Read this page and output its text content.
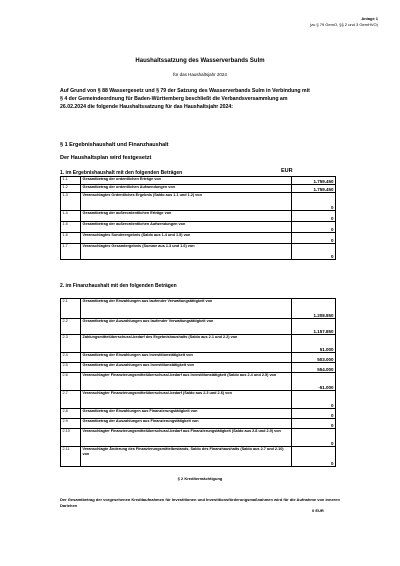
Anlage 1
(zu § 79 GemO, §§ 2 und 3 GemHVO)
Haushaltssatzung des Wasserverbands Sulm
für das Haushaltsjahr 2024
Auf Grund von § 88 Wassergesetz und § 79 der Satzung des Wasserverbands Sulm in Verbindung mit § 4 der Gemeindeordnung für Baden-Württemberg beschließt die Verbandsversammlung am 26.02.2024 die folgende Haushaltssatzung für das Haushaltsjahr 2024:
§ 1 Ergebnishaushalt und Finanzhaushalt
Der Haushaltsplan wird festgesetzt
1. im Ergebnishaushalt mit den folgenden Beträgen	EUR
1.1	Gesamtbetrag der ordentlichen Erträge von	1.759.450
1.2	Gesamtbetrag der ordentlichen Aufwendungen von	1.759.450
1.3	Veranschlagtes Ordentliches Ergebnis (Saldo aus 1.1 und 1.2) von	0
1.4	Gesamtbetrag der außerordentlichen Erträge von	0
1.5	Gesamtbetrag der außerordentlichen Aufwendungen von	0
1.6	Veranschlagtes Sonderergebnis (Saldo aus 1.4 und 1.5) von	0
1.7	Veranschlagtes Gesamtergebnis (Summe aus 1.3 und 1.6) von	0
2. im Finanzhaushalt mit den folgenden Beträgen
2.1	Gesamtbetrag der Einzahlungen aus laufender Verwaltungstätigkeit von	1.208.850
2.2	Gesamtbetrag der Auszahlungen aus laufender Verwaltungstätigkeit von	1.157.850
2.3	Zahlungsmittelüberschuss/-bedarf des Ergebnishaushalts (Saldo aus 2.1 und 2.2) von	51.000
2.4	Gesamtbetrag der Einzahlungen aus Investitionstätigkeit von	503.000
2.5	Gesamtbetrag der Auszahlungen aus Investitionstätigkeit von	554.000
2.6	Veranschlagter Finanzierungsmittelüberschuss/-bedarf aus Investitionstätigkeit (Saldo aus 2.4 und 2.5) von	-51.000
2.7	Veranschlagter Finanzierungsmittelüberschuss/-bedarf (Saldo aus 2.3 und 2.6) von	0
2.8	Gesamtbetrag der Einzahlungen aus Finanzierungstätigkeit von	0
2.9	Gesamtbetrag der Auszahlungen aus Finanzierungstätigkeit von	0
2.10	Veranschlagter Finanzierungsmittelüberschuss/-bedarf aus Finanzierungstätigkeit (Saldo aus 2.8 und 2.9) von	0
2.11	Veranschlagte Änderung des Finanzierungsmittelbestands, Saldo des Finanzhaushalts (Saldo aus 2.7 und 2.10) von	0
§ 2 Kreditermächtigung
Der Gesamtbetrag der vorgesehenen Kreditaufnahmen für Investitionen und Investitionsförderungsmaßnahmen wird für die Aufnahme von inneren Darlehen
0 EUR
